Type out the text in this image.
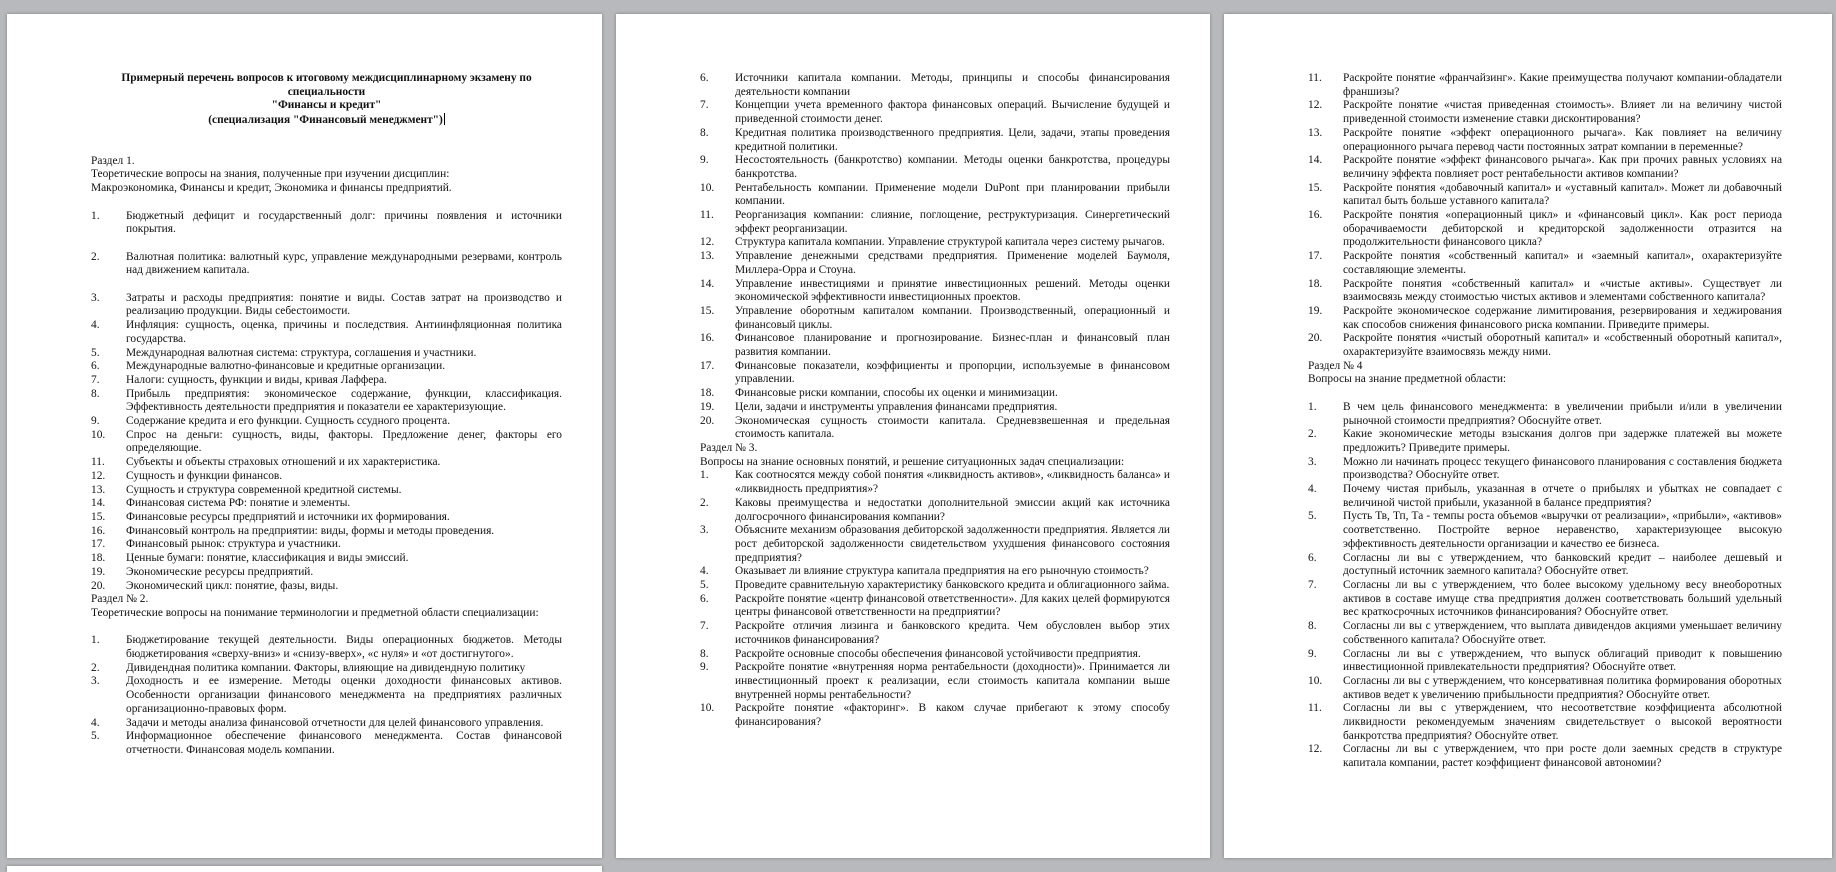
Примерный перечень вопросов к итоговому междисциплинарному экзамену по специальности
"Финансы и кредит"
(специализация "Финансовый менеджмент")

Раздел 1.

Теоретические вопросы на знания, полученные при изучении дисциплин:

Макроэкономика, Финансы и кредит, Экономика и финансы предприятий.

1.	Бюджетный дефицит и государственный долг: причины появления и источники покрытия.
2.	Валютная политика: валютный курс, управление международными резервами, контроль над движением капитала.
3.	Затраты и расходы предприятия: понятие и виды. Состав затрат на производство и реализацию продукции. Виды себестоимости.
4.	Инфляция: сущность, оценка, причины и последствия. Антиинфляционная политика государства.
5.	Международная валютная система: структура, соглашения и участники.
6.	Международные валютно-финансовые и кредитные организации.
7.	Налоги: сущность, функции и виды, кривая Лаффера.
8.	Прибыль предприятия: экономическое содержание, функции, классификация. Эффективность деятельности предприятия и показатели ее характеризующие.
9.	Содержание кредита и его функции. Сущность ссудного процента.
10.	Спрос на деньги: сущность, виды, факторы. Предложение денег, факторы его определяющие.
11.	Субъекты и объекты страховых отношений и их характеристика.
12.	Сущность и функции финансов.
13.	Сущность и структура современной кредитной системы.
14.	Финансовая система РФ: понятие и элементы.
15.	Финансовые ресурсы предприятий и источники их формирования.
16.	Финансовый контроль на предприятии: виды, формы и методы проведения.
17.	Финансовый рынок: структура и участники.
18.	Ценные бумаги: понятие, классификация и виды эмиссий.
19.	Экономические ресурсы предприятий.
20.	Экономический цикл: понятие, фазы, виды.

Раздел № 2.

Теоретические вопросы на понимание терминологии и предметной области специализации:

1.	Бюджетирование текущей деятельности. Виды операционных бюджетов. Методы бюджетирования «сверху-вниз» и «снизу-вверх», «с нуля» и «от достигнутого».
2.	Дивидендная политика компании. Факторы, влияющие на дивидендную политику
3.	Доходность и ее измерение. Методы оценки доходности финансовых активов. Особенности организации финансового менеджмента на предприятиях различных организационно-правовых форм.
4.	Задачи и методы анализа финансовой отчетности для целей финансового управления.
5.	Информационное обеспечение финансового менеджмента. Состав финансовой отчетности. Финансовая модель компании.
6.	Источники капитала компании. Методы, принципы и способы финансирования деятельности компании
7.	Концепции учета временного фактора финансовых операций. Вычисление будущей и приведенной стоимости денег.
8.	Кредитная политика производственного предприятия. Цели, задачи, этапы проведения кредитной политики.
9.	Несостоятельность (банкротство) компании. Методы оценки банкротства, процедуры банкротства.
10.	Рентабельность компании. Применение модели DuPont при планировании прибыли компании.
11.	Реорганизация компании: слияние, поглощение, реструктуризация. Синергетический эффект реорганизации.
12.	Структура капитала компании. Управление структурой капитала через систему рычагов.
13.	Управление денежными средствами предприятия. Применение моделей Баумоля, Миллера-Орра и Стоуна.
14.	Управление инвестициями и принятие инвестиционных решений. Методы оценки экономической эффективности инвестиционных проектов.
15.	Управление оборотным капиталом компании. Производственный, операционный и финансовый циклы.
16.	Финансовое планирование и прогнозирование. Бизнес-план и финансовый план развития компании.
17.	Финансовые показатели, коэффициенты и пропорции, используемые в финансовом управлении.
18.	Финансовые риски компании, способы их оценки и минимизации.
19.	Цели, задачи и инструменты управления финансами предприятия.
20.	Экономическая сущность стоимости капитала. Средневзвешенная и предельная стоимость капитала.

Раздел № 3.

Вопросы на знание основных понятий, и решение ситуационных задач специализации:

1.	Как соотносятся между собой понятия «ликвидность активов», «ликвидность баланса» и «ликвидность предприятия»?
2.	Каковы преимущества и недостатки дополнительной эмиссии акций как источника долгосрочного финансирования компании?
3.	Объясните механизм образования дебиторской задолженности предприятия. Является ли рост дебиторской задолженности свидетельством ухудшения финансового состояния предприятия?
4.	Оказывает ли влияние структура капитала предприятия на его рыночную стоимость?
5.	Проведите сравнительную характеристику банковского кредита и облигационного займа.
6.	Раскройте понятие «центр финансовой ответственности». Для каких целей формируются центры финансовой ответственности на предприятии?
7.	Раскройте отличия лизинга и банковского кредита. Чем обусловлен выбор этих источников финансирования?
8.	Раскройте основные способы обеспечения финансовой устойчивости предприятия.
9.	Раскройте понятие «внутренняя норма рентабельности (доходности)». Принимается ли инвестиционный проект к реализации, если стоимость капитала компании выше внутренней нормы рентабельности?
10.	Раскройте понятие «факторинг». В каком случае прибегают к этому способу финансирования?
11.	Раскройте понятие «франчайзинг». Какие преимущества получают компании-обладатели франшизы?
12.	Раскройте понятие «чистая приведенная стоимость». Влияет ли на величину чистой приведенной стоимости изменение ставки дисконтирования?
13.	Раскройте понятие «эффект операционного рычага». Как повлияет на величину операционного рычага перевод части постоянных затрат компании в переменные?
14.	Раскройте понятие «эффект финансового рычага». Как при прочих равных условиях на величину эффекта повлияет рост рентабельности активов компании?
15.	Раскройте понятия «добавочный капитал» и «уставный капитал». Может ли добавочный капитал быть больше уставного капитала?
16.	Раскройте понятия «операционный цикл» и «финансовый цикл». Как рост периода оборачиваемости дебиторской и кредиторской задолженности отразится на продолжительности финансового цикла?
17.	Раскройте понятия «собственный капитал» и «заемный капитал», охарактеризуйте составляющие элементы.
18.	Раскройте понятия «собственный капитал» и «чистые активы». Существует ли взаимосвязь между стоимостью чистых активов и элементами собственного капитала?
19.	Раскройте экономическое содержание лимитирования, резервирования и хеджирования как способов снижения финансового риска компании. Приведите примеры.
20.	Раскройте понятия «чистый оборотный капитал» и «собственный оборотный капитал», охарактеризуйте взаимосвязь между ними.

Раздел № 4

Вопросы на знание предметной области:

1.	В чем цель финансового менеджмента: в увеличении прибыли и/или в увеличении рыночной стоимости предприятия? Обоснуйте ответ.
2.	Какие экономические методы взыскания долгов при задержке платежей вы можете предложить? Приведите примеры.
3.	Можно ли начинать процесс текущего финансового планирования с составления бюджета производства? Обоснуйте ответ.
4.	Почему чистая прибыль, указанная в отчете о прибылях и убытках не совпадает с величиной чистой прибыли, указанной в балансе предприятия?
5.	Пусть Тв, Тп, Та - темпы роста объемов «выручки от реализации», «прибыли», «активов» соответственно. Постройте верное неравенство, характеризующее высокую эффективность деятельности организации и качество ее бизнеса.
6.	Согласны ли вы с утверждением, что банковский кредит – наиболее дешевый и доступный источник заемного капитала? Обоснуйте ответ.
7.	Согласны ли вы с утверждением, что более высокому удельному весу внеоборотных активов в составе имуще ства предприятия должен соответствовать больший удельный вес краткосрочных источников финансирования? Обоснуйте ответ.
8.	Согласны ли вы с утверждением, что выплата дивидендов акциями уменьшает величину собственного капитала? Обоснуйте ответ.
9.	Согласны ли вы с утверждением, что выпуск облигаций приводит к повышению инвестиционной привлекательности предприятия? Обоснуйте ответ.
10.	Согласны ли вы с утверждением, что консервативная политика формирования оборотных активов ведет к увеличению прибыльности предприятия? Обоснуйте ответ.
11.	Согласны ли вы с утверждением, что несоответствие коэффициента абсолютной ликвидности рекомендуемым значениям свидетельствует о высокой вероятности банкротства предприятия? Обоснуйте ответ.
12.	Согласны ли вы с утверждением, что при росте доли заемных средств в структуре капитала компании, растет коэффициент финансовой автономии?
